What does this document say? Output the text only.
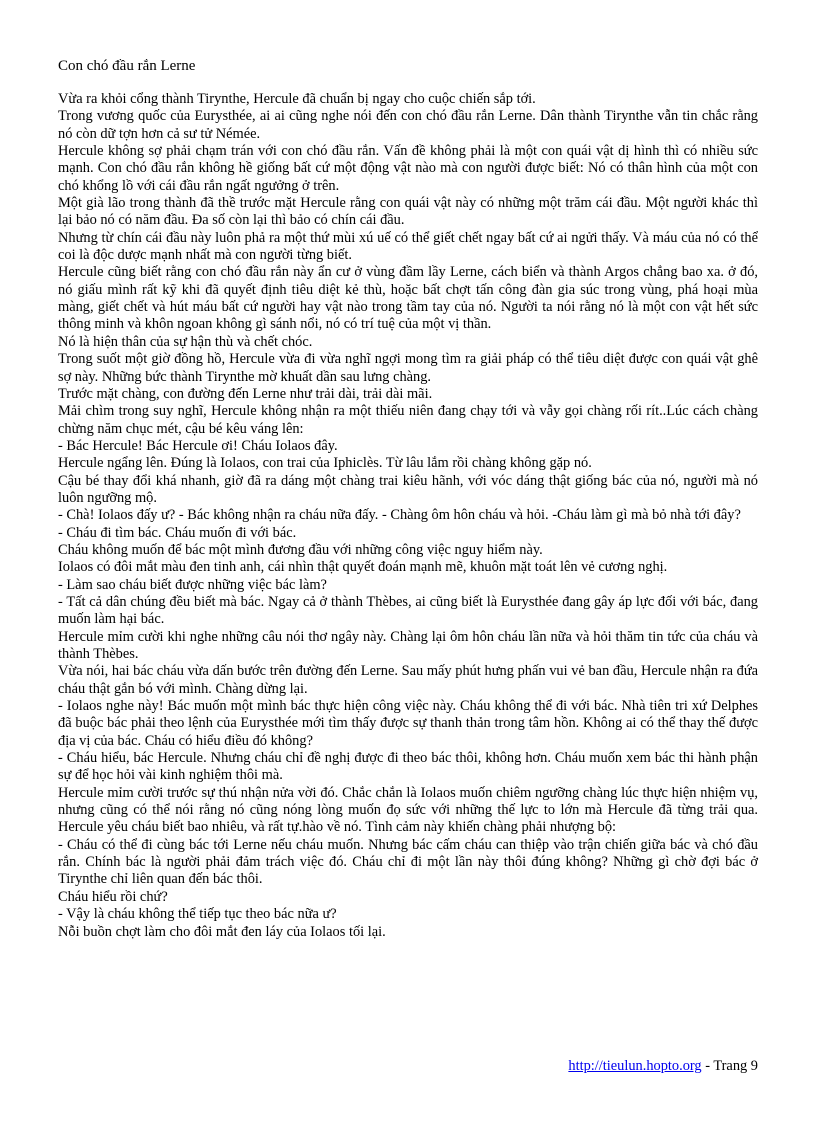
Con chó đầu rắn Lerne

Vừa ra khỏi cổng thành Tirynthe, Hercule đã chuẩn bị ngay cho cuộc chiến sắp tới.

Trong vương quốc của Eurysthée, ai ai cũng nghe nói đến con chó đầu rắn Lerne. Dân thành Tirynthe vẫn tin chắc rằng nó còn dữ tợn hơn cả sư tử Némée.

Hercule không sợ phải chạm trán với con chó đầu rắn. Vấn đề không phải là một con quái vật dị hình thì có nhiều sức mạnh. Con chó đầu rắn không hề giống bất cứ một động vật nào mà con người được biết: Nó có thân hình của một con chó khổng lồ với cái đầu rắn ngất ngưởng ở trên.

Một già lão trong thành đã thề trước mặt Hercule rằng con quái vật này có những một trăm cái đầu. Một người khác thì lại bảo nó có năm đầu. Đa số còn lại thì bảo có chín cái đầu.

Nhưng từ chín cái đầu này luôn phả ra một thứ mùi xú uế có thể giết chết ngay bất cứ ai ngửi thấy. Và máu của nó có thể coi là độc dược mạnh nhất mà con người từng biết.

Hercule cũng biết rằng con chó đầu rắn này ẩn cư ở vùng đầm lầy Lerne, cách biển và thành Argos chẳng bao xa. ở đó, nó giấu mình rất kỹ khi đã quyết định tiêu diệt kẻ thù, hoặc bất chợt tấn công đàn gia súc trong vùng, phá hoại mùa màng, giết chết và hút máu bất cứ người hay vật nào trong tầm tay của nó. Người ta nói rằng nó là một con vật hết sức thông minh và khôn ngoan không gì sánh nổi, nó có trí tuệ của một vị thần.

Nó là hiện thân của sự hận thù và chết chóc.

Trong suốt một giờ đồng hồ, Hercule vừa đi vừa nghĩ ngợi mong tìm ra giải pháp có thể tiêu diệt được con quái vật ghê sợ này. Những bức thành Tirynthe mờ khuất dần sau lưng chàng.

Trước mặt chàng, con đường đến Lerne như trải dài, trải dài mãi.

Mải chìm trong suy nghĩ, Hercule không nhận ra một thiếu niên đang chạy tới và vẫy gọi chàng rối rít..Lúc cách chàng chừng năm chục mét, cậu bé kêu váng lên:

- Bác Hercule! Bác Hercule ơi! Cháu Iolaos đây.

Hercule ngẩng lên. Đúng là Iolaos, con trai của Iphiclès. Từ lâu lắm rồi chàng không gặp nó.

Cậu bé thay đổi khá nhanh, giờ đã ra dáng một chàng trai kiêu hãnh, với vóc dáng thật giống bác của nó, người mà nó luôn ngưỡng mộ.

- Chà! Iolaos đấy ư? - Bác không nhận ra cháu nữa đấy. - Chàng ôm hôn cháu và hỏi. -Cháu làm gì mà bỏ nhà tới đây?

- Cháu đi tìm bác. Cháu muốn đi với bác.

Cháu không muốn để bác một mình đương đầu với những công việc nguy hiểm này.

Iolaos có đôi mắt màu đen tinh anh, cái nhìn thật quyết đoán mạnh mẽ, khuôn mặt toát lên vẻ cương nghị.

- Làm sao cháu biết được những việc bác làm?

- Tất cả dân chúng đều biết mà bác. Ngay cả ở thành Thèbes, ai cũng biết là Eurysthée đang gây áp lực đối với bác, đang muốn làm hại bác.

Hercule mỉm cười khi nghe những câu nói thơ ngây này. Chàng lại ôm hôn cháu lần nữa và hỏi thăm tin tức của cháu và thành Thèbes.

Vừa nói, hai bác cháu vừa dấn bước trên đường đến Lerne. Sau mấy phút hưng phấn vui vẻ ban đầu, Hercule nhận ra đứa cháu thật gắn bó với mình. Chàng dừng lại.

- Iolaos nghe này! Bác muốn một mình bác thực hiện công việc này. Cháu không thể đi với bác. Nhà tiên tri xứ Delphes đã buộc bác phải theo lệnh của Eurysthée mới tìm thấy được sự thanh thản trong tâm hồn. Không ai có thể thay thế được địa vị của bác. Cháu có hiểu điều đó không?

- Cháu hiểu, bác Hercule. Nhưng cháu chỉ đề nghị được đi theo bác thôi, không hơn. Cháu muốn xem bác thi hành phận sự để học hỏi vài kinh nghiệm thôi mà.

Hercule mỉm cười trước sự thú nhận nửa vời đó. Chắc chắn là Iolaos muốn chiêm ngưỡng chàng lúc thực hiện nhiệm vụ, nhưng cũng có thể nói rằng nó cũng nóng lòng muốn đọ sức với những thế lực to lớn mà Hercule đã từng trải qua. Hercule yêu cháu biết bao nhiêu, và rất tự.hào về nó. Tình cảm này khiến chàng phải nhượng bộ:

- Cháu có thể đi cùng bác tới Lerne nếu cháu muốn. Nhưng bác cấm cháu can thiệp vào trận chiến giữa bác và chó đầu rắn. Chính bác là người phải đảm trách việc đó. Cháu chỉ đi một lần này thôi đúng không? Những gì chờ đợi bác ở Tirynthe chỉ liên quan đến bác thôi.

Cháu hiểu rồi chứ?

- Vậy là cháu không thể tiếp tục theo bác nữa ư?

Nỗi buồn chợt làm cho đôi mắt đen láy của Iolaos tối lại.

http://tieulun.hopto.org - Trang 9
